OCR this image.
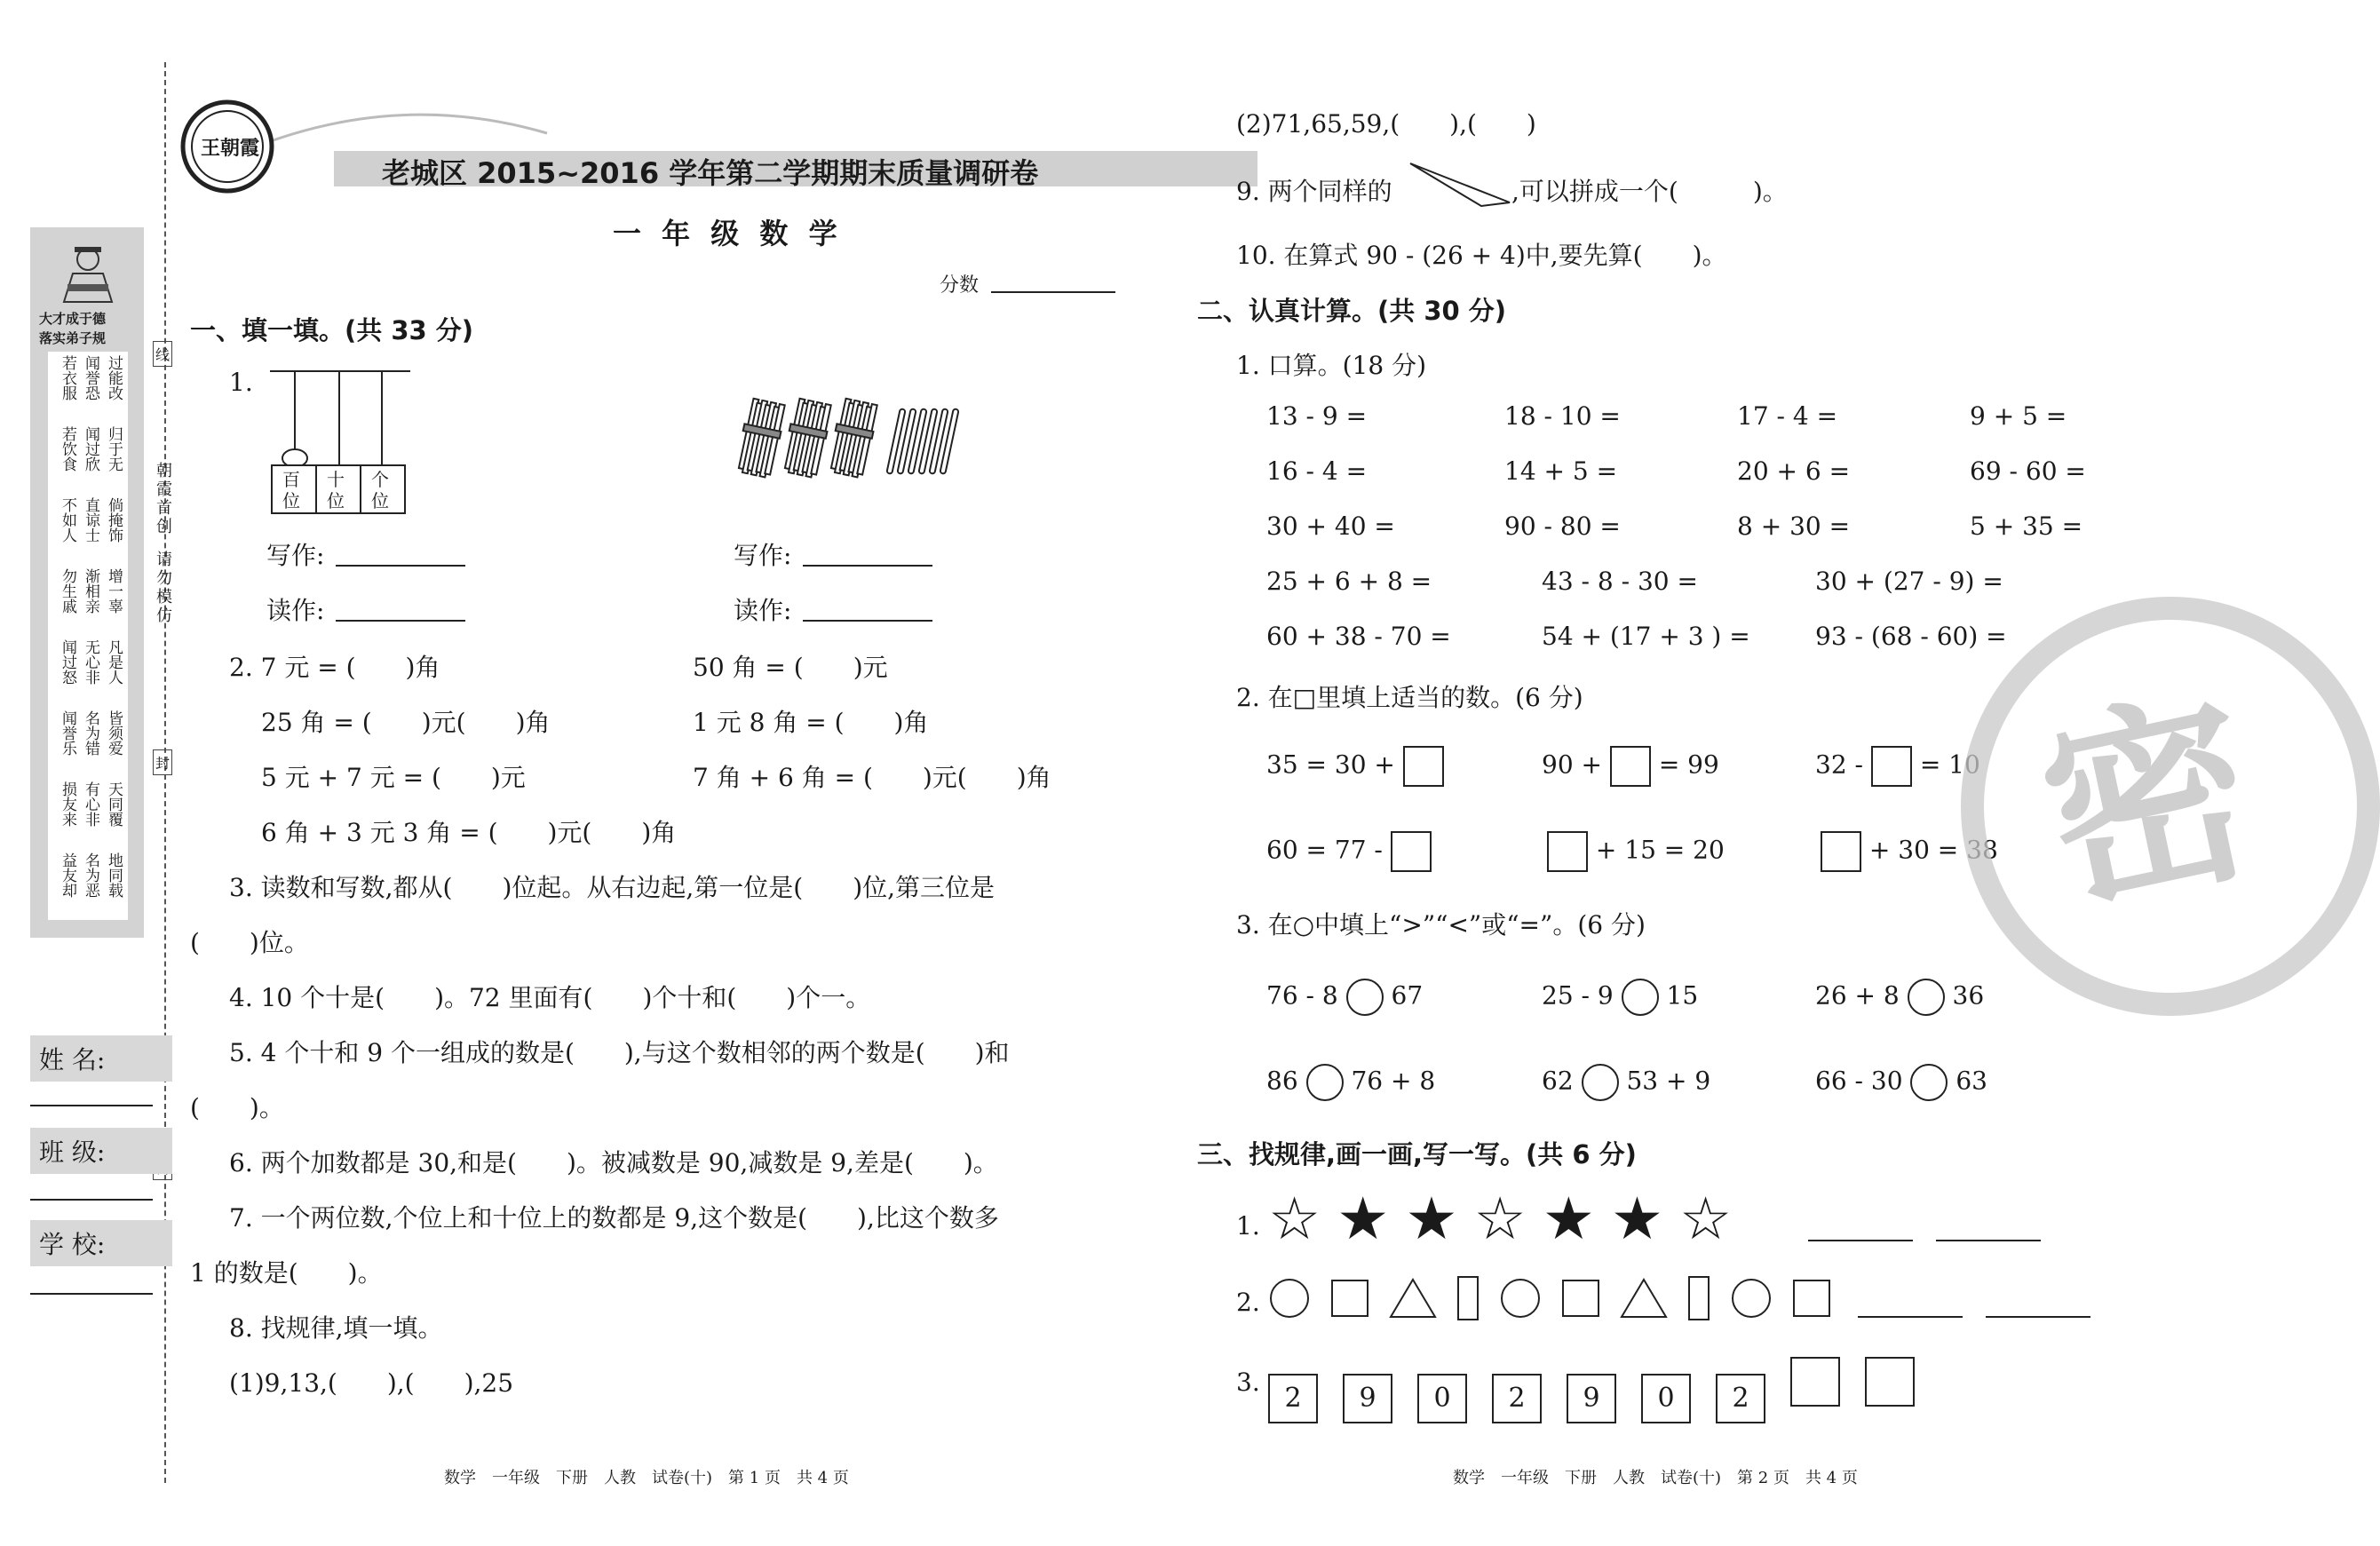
大才成于德
落实弟子规
过能改
闻誉恐
若衣服
归于无
闻过欣
若饮食
倘掩饰
直谅士
不如人
增一辜
渐相亲
勿生戚
凡是人
无心非
闻过怒
皆须爱
名为错
闻誉乐
天同覆
有心非
损友来
地同载
名为恶
益友却
朝霞首创
请勿模仿
线
封
姓 名:
班 级:
学 校:
王朝霞
老城区 2015~2016 学年第二学期期末质量调研卷
一 年 级 数 学
分数
一、填一填。(共 33 分)
1.
百位
十位
个位
写作:
读作:
写作:
读作:
2. 7 元 = (　　)角	50 角 = (　　)元
25 角 = (　　)元(　　)角	1 元 8 角 = (　　)角
5 元 + 7 元 = (　　)元	7 角 + 6 角 = (　　)元(　　)角
6 角 + 3 元 3 角 = (　　)元(　　)角
3. 读数和写数,都从(　　)位起。从右边起,第一位是(　　)位,第三位是
(　　)位。
4. 10 个十是(　　)。72 里面有(　　)个十和(　　)个一。
5. 4 个十和 9 个一组成的数是(　　),与这个数相邻的两个数是(　　)和
(　　)。
6. 两个加数都是 30,和是(　　)。被减数是 90,减数是 9,差是(　　)。
7. 一个两位数,个位上和十位上的数都是 9,这个数是(　　),比这个数多
1 的数是(　　)。
8. 找规律,填一填。
(1)9,13,(　　),(　　),25
数学　一年级　下册　人教　试卷(十)　第 1 页　共 4 页
(2)71,65,59,(　　),(　　)
9. 两个同样的	,可以拼成一个(　　　)。
10. 在算式 90 - (26 + 4)中,要先算(　　)。
二、认真计算。(共 30 分)
1. 口算。(18 分)
13 - 9 =	18 - 10 =	17 - 4 =	9 + 5 =
16 - 4 =	14 + 5 =	20 + 6 =	69 - 60 =
30 + 40 =	90 - 80 =	8 + 30 =	5 + 35 =
25 + 6 + 8 =	43 - 8 - 30 =	30 + (27 - 9) =
60 + 38 - 70 =	54 + (17 + 3 ) =	93 - (68 - 60) =
2. 在□里填上适当的数。(6 分)
35 = 30 +	90 + = 99	32 - = 10
60 = 77 -	+ 15 = 20	+ 30 = 38
3. 在○中填上“>”“<”或“=”。(6 分)
76 - 8 67	25 - 9 15	26 + 8 36
86 76 + 8	62 53 + 9	66 - 30 63
三、找规律,画一画,写一写。(共 6 分)
1. ☆ ★ ★ ☆ ★ ★ ☆
2.
3.
2 9 0 2 9 0 2
密
数学　一年级　下册　人教　试卷(十)　第 2 页　共 4 页
